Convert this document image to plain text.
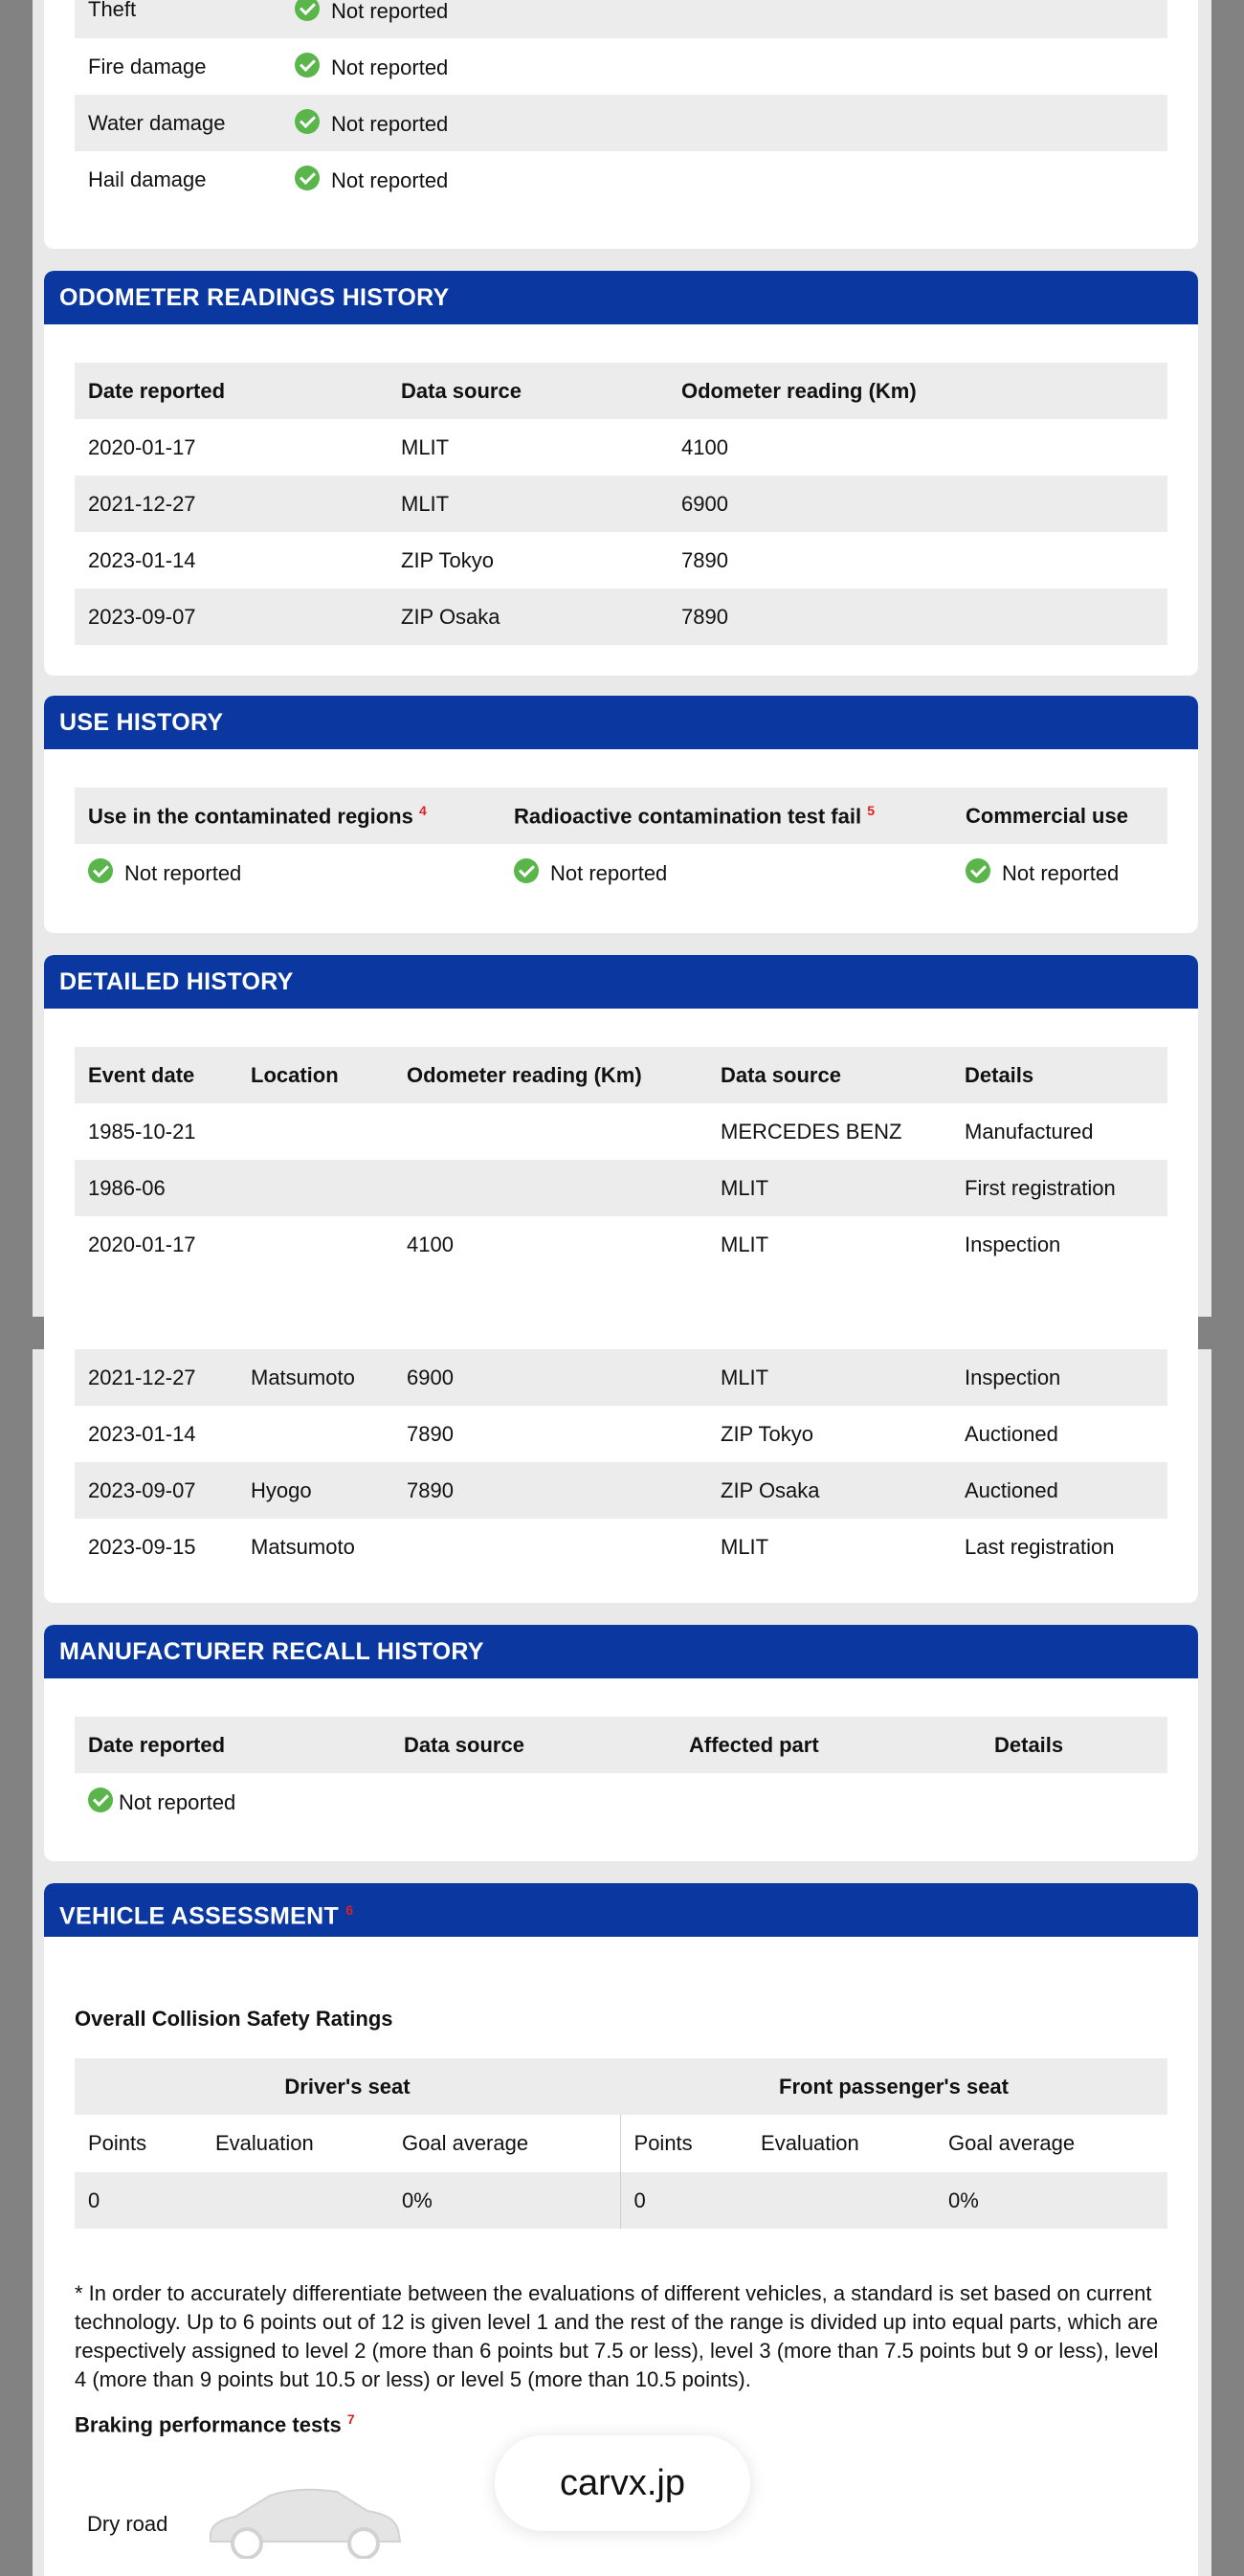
Theft	Not reported
Fire damage	Not reported
Water damage	Not reported
Hail damage	Not reported
ODOMETER READINGS HISTORY
Date reported	Data source	Odometer reading (Km)
2020-01-17	MLIT	4100
2021-12-27	MLIT	6900
2023-01-14	ZIP Tokyo	7890
2023-09-07	ZIP Osaka	7890
USE HISTORY
Use in the contaminated regions $^4$	Radioactive contamination test fail $^5$	Commercial use
Not reported	Not reported	Not reported
DETAILED HISTORY
Event date	Location	Odometer reading (Km)	Data source	Details
1985-10-21			MERCEDES BENZ	Manufactured
1986-06			MLIT	First registration
2020-01-17		4100	MLIT	Inspection
2021-12-27	Matsumoto	6900	MLIT	Inspection
2023-01-14		7890	ZIP Tokyo	Auctioned
2023-09-07	Hyogo	7890	ZIP Osaka	Auctioned
2023-09-15	Matsumoto		MLIT	Last registration
MANUFACTURER RECALL HISTORY
Date reported	Data source	Affected part	Details
Not reported
VEHICLE ASSESSMENT $^6$
Overall Collision Safety Ratings
Driver's seat			Front passenger's seat		
Points	Evaluation	Goal average	Points	Evaluation	Goal average
0		0%	0		0%

* In order to accurately differentiate between the evaluations of different vehicles, a standard is set based on current technology. Up to 6 points out of 12 is given level 1 and the rest of the range is divided up into equal parts, which are respectively assigned to level 2 (more than 6 points but 7.5 or less), level 3 (more than 7.5 points but 9 or less), level 4 (more than 9 points but 10.5 or less) or level 5 (more than 10.5 points).

Braking performance tests $^7$
Dry road
carvx.jp
